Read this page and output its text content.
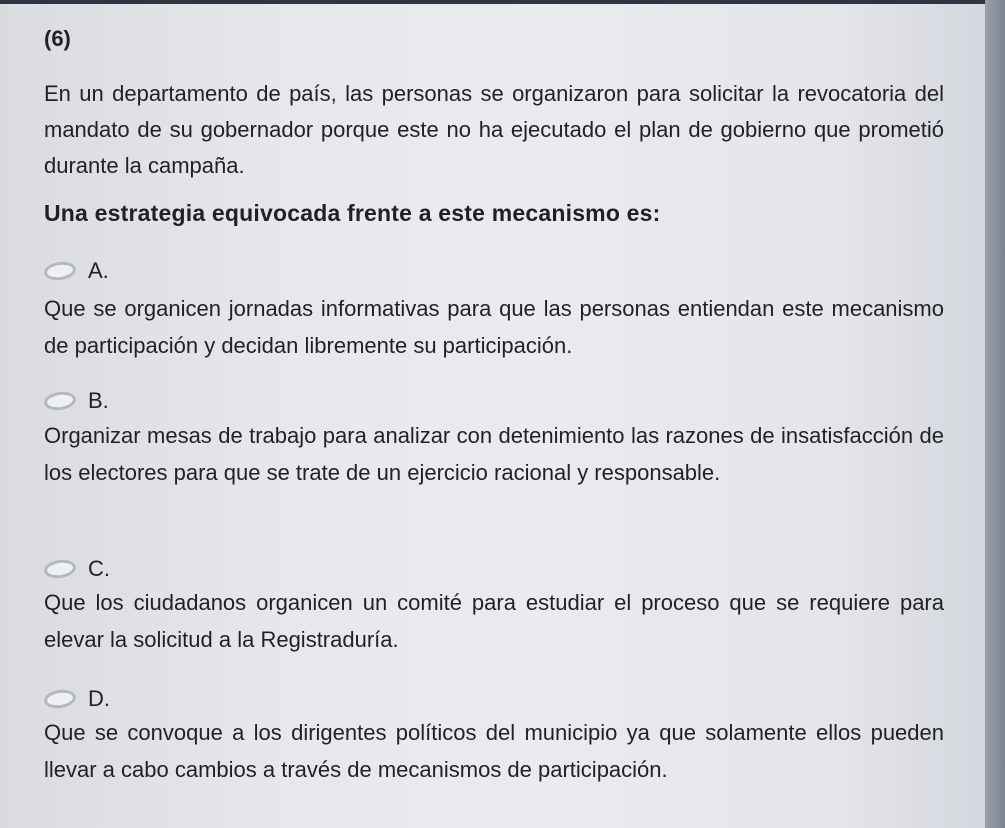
(6)
En un departamento de país, las personas se organizaron para solicitar la revocatoria del mandato de su gobernador porque este no ha ejecutado el plan de gobierno que prometió durante la campaña.
Una estrategia equivocada frente a este mecanismo es:
A.
Que se organicen jornadas informativas para que las personas entiendan este mecanismo de participación y decidan libremente su participación.
B.
Organizar mesas de trabajo para analizar con detenimiento las razones de insatisfacción de los electores para que se trate de un ejercicio racional y responsable.
C.
Que los ciudadanos organicen un comité para estudiar el proceso que se requiere para elevar la solicitud a la Registraduría.
D.
Que se convoque a los dirigentes políticos del municipio ya que solamente ellos pueden llevar a cabo cambios a través de mecanismos de participación.
